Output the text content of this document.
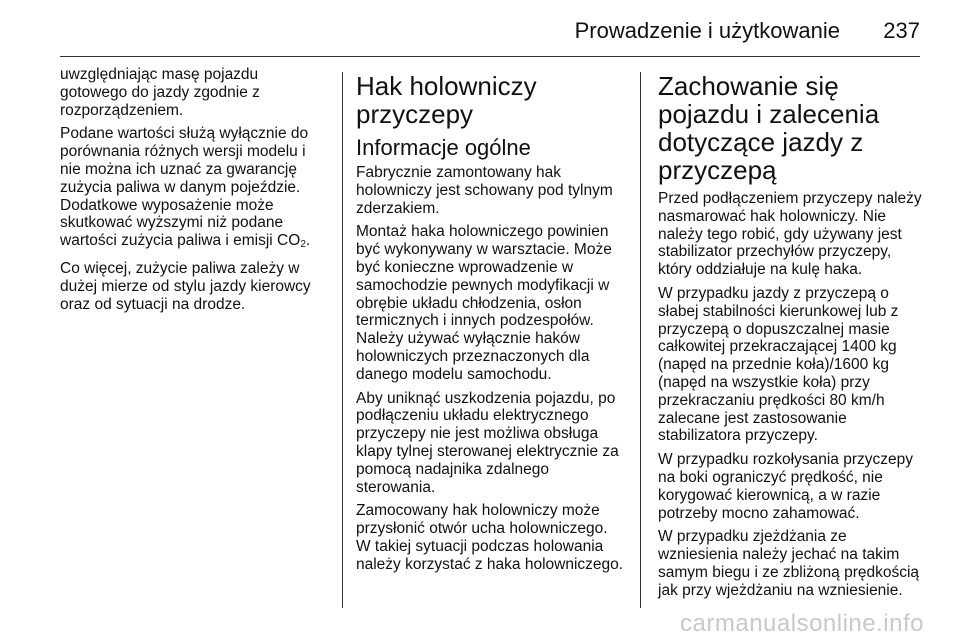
Prowadzenie i użytkowanie 237

uwzględniając masę pojazdu gotowego do jazdy zgodnie z rozporządzeniem.

Podane wartości służą wyłącznie do porównania różnych wersji modelu i nie można ich uznać za gwarancję zużycia paliwa w danym pojeździe. Dodatkowe wyposażenie może skutkować wyższymi niż podane wartości zużycia paliwa i emisji $CO_2$.

Co więcej, zużycie paliwa zależy w dużej mierze od stylu jazdy kierowcy oraz od sytuacji na drodze.

Hak holowniczy przyczepy
Informacje ogólne

Fabrycznie zamontowany hak holowniczy jest schowany pod tylnym zderzakiem.

Montaż haka holowniczego powinien być wykonywany w warsztacie. Może być konieczne wprowadzenie w samochodzie pewnych modyfikacji w obrębie układu chłodzenia, osłon termicznych i innych podzespołów. Należy używać wyłącznie haków holowniczych przeznaczonych dla danego modelu samochodu.

Aby uniknąć uszkodzenia pojazdu, po podłączeniu układu elektrycznego przyczepy nie jest możliwa obsługa klapy tylnej sterowanej elektrycznie za pomocą nadajnika zdalnego sterowania.

Zamocowany hak holowniczy może przysłonić otwór ucha holowniczego. W takiej sytuacji podczas holowania należy korzystać z haka holowniczego.

Zachowanie się pojazdu i zalecenia dotyczące jazdy z przyczepą

Przed podłączeniem przyczepy należy nasmarować hak holowniczy. Nie należy tego robić, gdy używany jest stabilizator przechyłów przyczepy, który oddziałuje na kulę haka.

W przypadku jazdy z przyczepą o słabej stabilności kierunkowej lub z przyczepą o dopuszczalnej masie całkowitej przekraczającej 1400 kg (napęd na przednie koła)/1600 kg (napęd na wszystkie koła) przy przekraczaniu prędkości 80 km/h zalecane jest zastosowanie stabilizatora przyczepy.

W przypadku rozkołysania przyczepy na boki ograniczyć prędkość, nie korygować kierownicą, a w razie potrzeby mocno zahamować.

W przypadku zjeżdżania ze wzniesienia należy jechać na takim samym biegu i ze zbliżoną prędkością jak przy wjeżdżaniu na wzniesienie.

carmanualsonline.info
